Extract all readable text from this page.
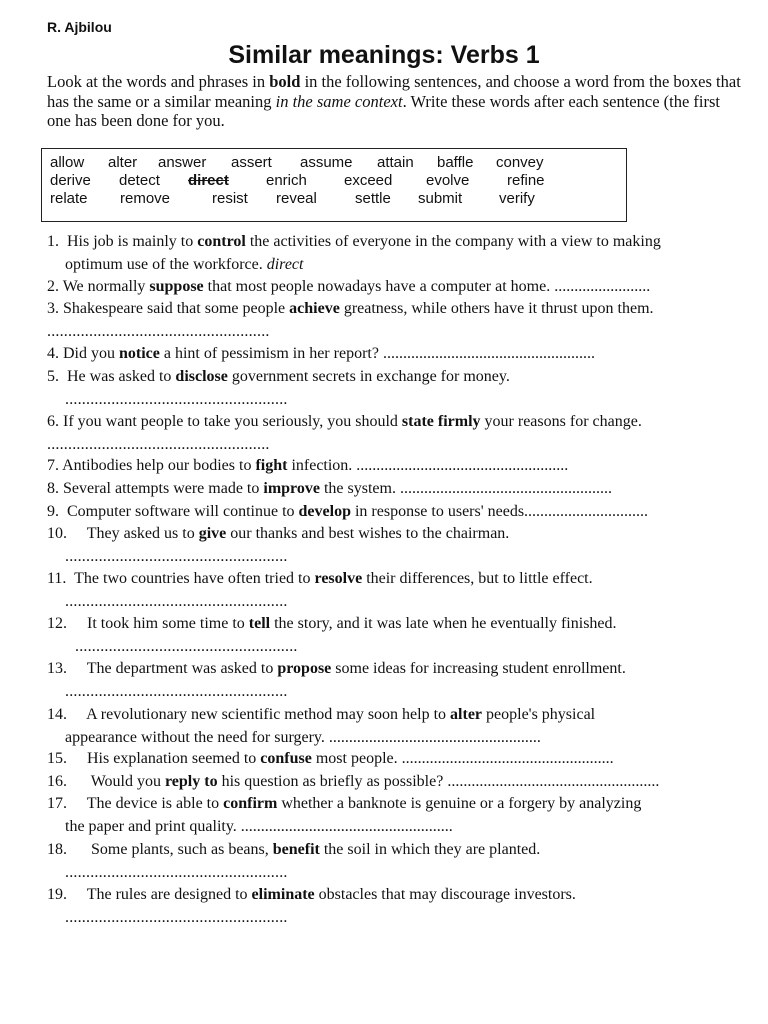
R. Ajbilou
Similar meanings: Verbs 1
Look at the words and phrases in bold in the following sentences, and choose a word from the boxes that has the same or a similar meaning in the same context. Write these words after each sentence (the first one has been done for you.
allow alter answer assert assume attain baffle convey
derive detect direct enrich exceed evolve	refine
relate remove	resist reveal	settle submit verify
1. His job is mainly to control the activities of everyone in the company with a view to making
optimum use of the workforce. direct
2. We normally suppose that most people nowadays have a computer at home. ........................
3. Shakespeare said that some people achieve greatness, while others have it thrust upon them.
.....................................................
4. Did you notice a hint of pessimism in her report? .....................................................
5. He was asked to disclose government secrets in exchange for money.
.....................................................
6. If you want people to take you seriously, you should state firmly your reasons for change.
.....................................................
7. Antibodies help our bodies to fight infection. .....................................................
8. Several attempts were made to improve the system. .....................................................
9. Computer software will continue to develop in response to users' needs...............................
10. They asked us to give our thanks and best wishes to the chairman.
.....................................................
11. The two countries have often tried to resolve their differences, but to little effect.
.....................................................
12. It took him some time to tell the story, and it was late when he eventually finished.
.....................................................
13. The department was asked to propose some ideas for increasing student enrollment.
.....................................................
14. A revolutionary new scientific method may soon help to alter people's physical
appearance without the need for surgery. .....................................................
15. His explanation seemed to confuse most people. .....................................................
16. Would you reply to his question as briefly as possible? .....................................................
17. The device is able to confirm whether a banknote is genuine or a forgery by analyzing
the paper and print quality. .....................................................
18. Some plants, such as beans, benefit the soil in which they are planted.
.....................................................
19. The rules are designed to eliminate obstacles that may discourage investors.
.....................................................
